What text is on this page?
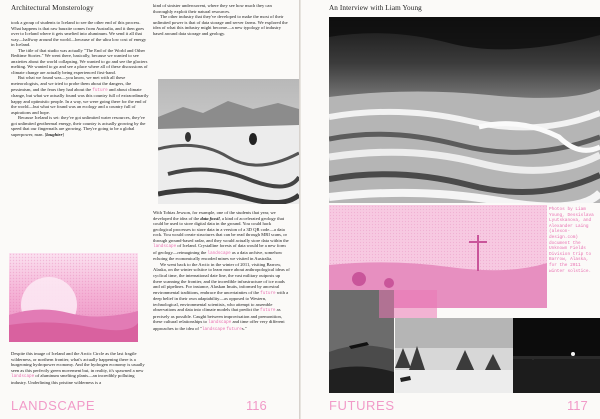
Architectural Monsterology

took a group of students to Iceland to see the other end of this process. What happens is that raw bauxite comes from Australia, and it then goes over to Iceland where it gets smelted into aluminum. We send it all that way—halfway around the world—because of the ultra low cost of energy in Iceland.

The title of that studio was actually "The End of the World and Other Bedtime Stories." We went there, basically, because we wanted to see anxieties about the world collapsing. We wanted to go and see the glaciers melting. We wanted to go and see a place where all of these discussions of climate change are actually being experienced first-hand.

But what we found was—you know, we met with all these meteorologists, and we tried to probe them about the dangers, the pessimism, and the fears they had about the future and about climate change, but what we actually found was this country full of extraordinarily happy and optimistic people. In a way, we were going there for the end of the world—but what we found was an ecology and a country full of aspirations and hope.

Because Iceland is set: they've got unlimited water resources, they've got unlimited geothermal energy, their country is actually growing by the speed that our fingernails are growing. They're going to be a global superpower, man. [laughter]

Despite this image of Iceland and the Arctic Circle as the last fragile wilderness, or northern frontier, what's actually happening there is a burgeoning hydropower economy. And the hydrogen economy is usually seen as this perfectly green movement but, in reality, it's spawned a new landscape of aluminum smelting plants—an incredibly polluting industry. Underlining this pristine wilderness is a

kind of sinister undercurrent, where they see how much they can thoroughly exploit their natural resources.

The other industry that they've developed to make the most of their unlimited power is that of data storage and server farms. We explored the idea of what this industry might become—a new typology of industry based around data storage and geology.

With Tobias Jewson, for example, one of the students that year, we developed the idea of the data fossil, a kind of accelerated geology that could be used to store digital data in the ground. You could hack geological processes to store data in a version of a 3D QR code—a data rock. You would create structures that can be read through MRI scans, or through ground-based radar, and they would actually store data within the landscape of Iceland. Crystalline forests of data would be a new form of geology—reimagining the landscape as a data archive, somehow echoing the economically encoded mines we visited in Australia.

We went back to the Arctic in the winter of 2011, visiting Barrow, Alaska, on the winter solstice to learn more about anthropological ideas of cyclical time, the international date line, the vast military outposts up there scanning the frontier, and the incredible infrastructure of ice roads and oil pipelines. For instance, Alaskan Inuits, informed by ancestral environmental traditions, embrace the uncertainties of the future with a deep belief in their own adaptability—as opposed to Western, technological, environmental scientists, who attempt to assemble observations and data into climate models that predict the future as precisely as possible. Caught between improvisation and premonition, these cultural relationships to landscape and time offer very different approaches to the idea of "landscape futures."

LANDSCAPE	116
An Interview with Liam Young
Photos by Liam Young, Dessislava Lyutskanova, and Alexander Laing (alexon-design.com) document the Unknown Fields Division trip to Barrow, Alaska, for the 2011 winter solstice.
FUTURES	117
